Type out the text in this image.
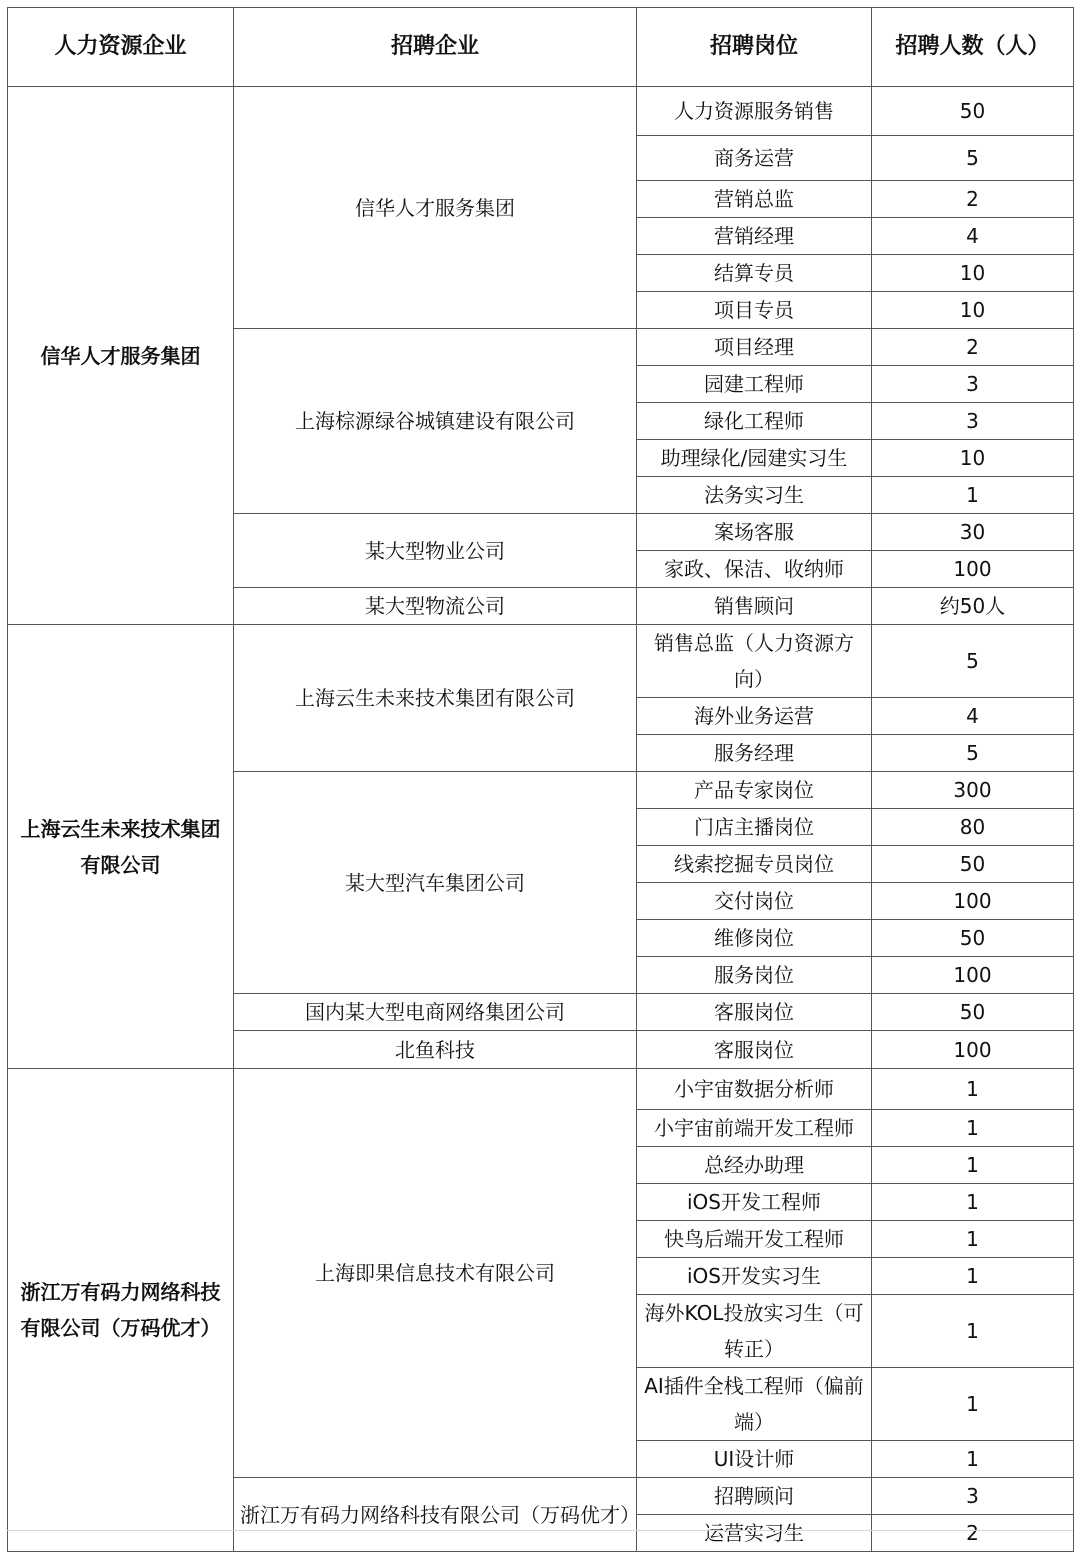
人力资源企业	招聘企业	招聘岗位	招聘人数（人）
信华人才服务集团	信华人才服务集团	人力资源服务销售	50
		商务运营	5
		营销总监	2
		营销经理	4
		结算专员	10
		项目专员	10
	上海棕源绿谷城镇建设有限公司	项目经理	2
		园建工程师	3
		绿化工程师	3
		助理绿化/园建实习生	10
		法务实习生	1
	某大型物业公司	案场客服	30
		家政、保洁、收纳师	100
	某大型物流公司	销售顾问	约50人
上海云生未来技术集团有限公司	上海云生未来技术集团有限公司	销售总监（人力资源方向）	5
		海外业务运营	4
		服务经理	5
	某大型汽车集团公司	产品专家岗位	300
		门店主播岗位	80
		线索挖掘专员岗位	50
		交付岗位	100
		维修岗位	50
		服务岗位	100
	国内某大型电商网络集团公司	客服岗位	50
	北鱼科技	客服岗位	100
浙江万有码力网络科技有限公司（万码优才）	上海即果信息技术有限公司	小宇宙数据分析师	1
		小宇宙前端开发工程师	1
		总经办助理	1
		iOS开发工程师	1
		快鸟后端开发工程师	1
		iOS开发实习生	1
		海外KOL投放实习生（可转正）	1
		AI插件全栈工程师（偏前端）	1
		UI设计师	1
	浙江万有码力网络科技有限公司（万码优才）	招聘顾问	3
		运营实习生	2
